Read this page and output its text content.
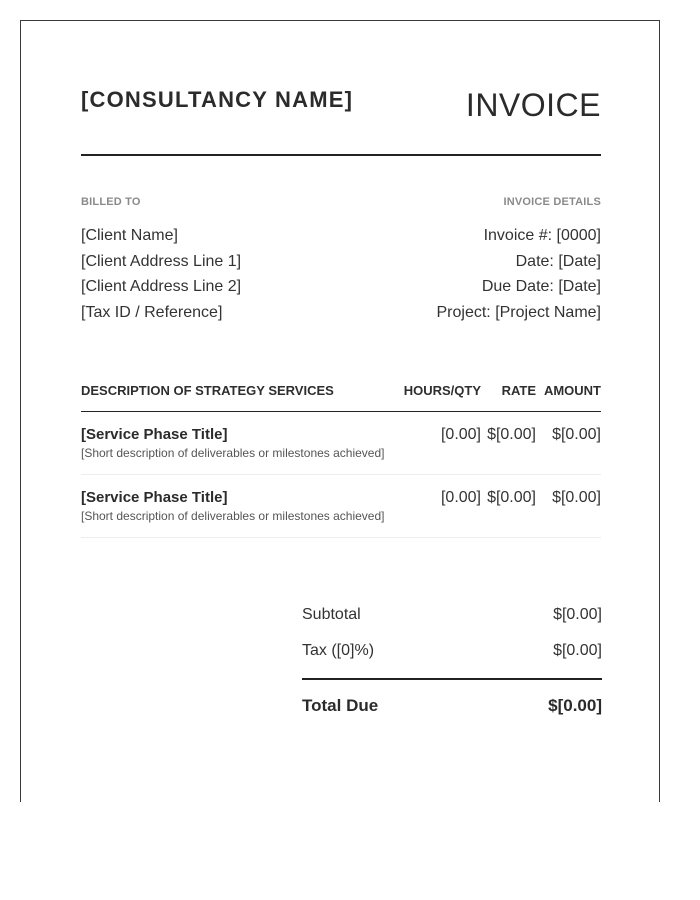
[CONSULTANCY NAME]	INVOICE
BILLED TO
[Client Name]
[Client Address Line 1]
[Client Address Line 2]
[Tax ID / Reference]
INVOICE DETAILS
Invoice #: [0000]
Date: [Date]
Due Date: [Date]
Project: [Project Name]
DESCRIPTION OF STRATEGY SERVICES	HOURS/QTY RATE AMOUNT
[Service Phase Title]
[Short description of deliverables or milestones achieved]
[0.00] $[0.00] $[0.00]
[Service Phase Title]
[Short description of deliverables or milestones achieved]
[0.00] $[0.00] $[0.00]
Subtotal	$[0.00]
Tax ([0]%)	$[0.00]
Total Due	$[0.00]
